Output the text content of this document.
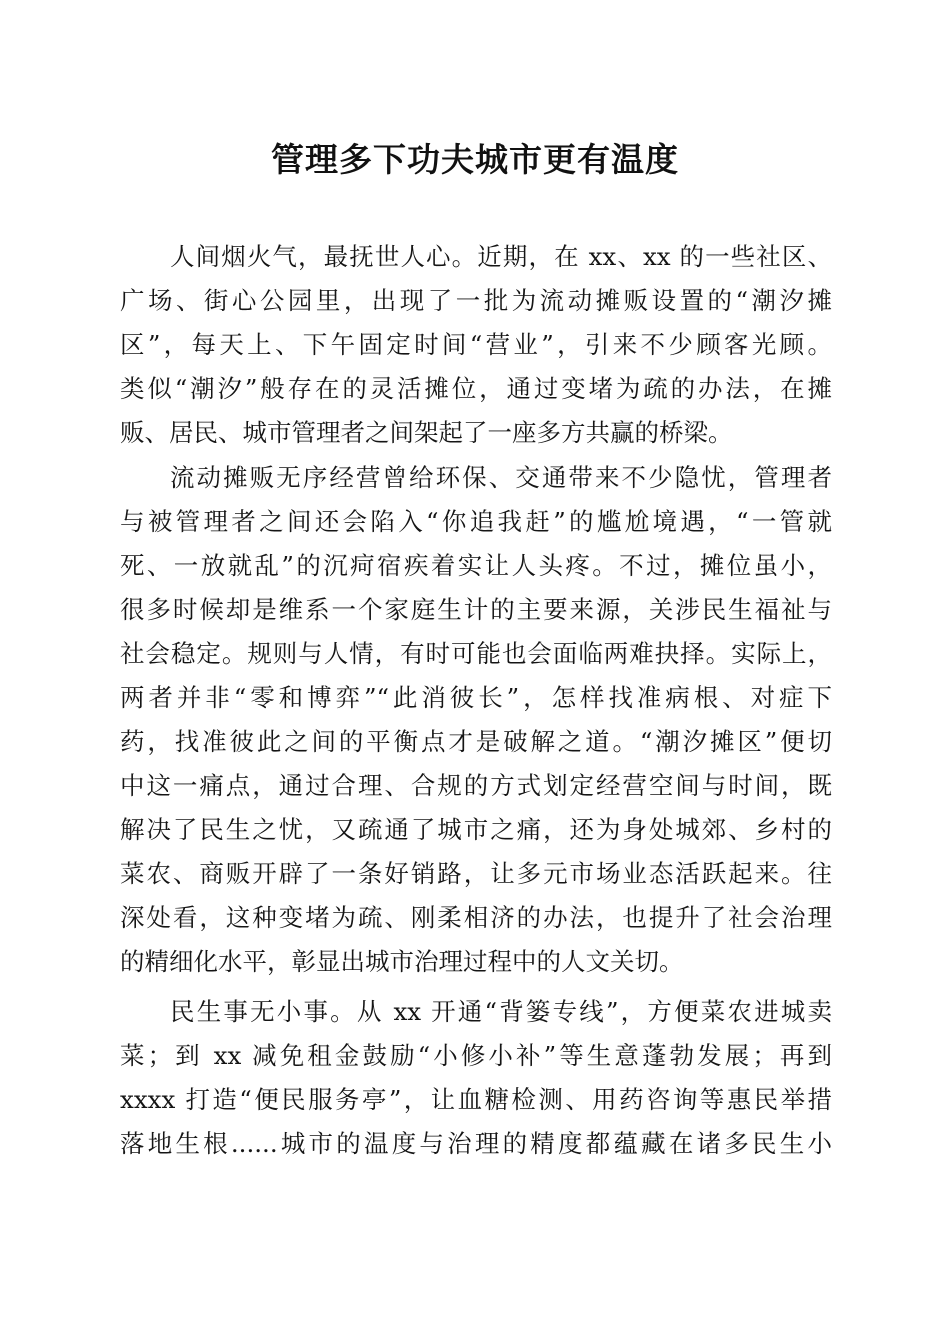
管理多下功夫城市更有温度
人间烟火气，最抚世人心。近期，在 xx、xx 的一些社区、
广场、街心公园里，出现了一批为流动摊贩设置的“潮汐摊
区”，每天上、下午固定时间“营业”，引来不少顾客光顾。
类似“潮汐”般存在的灵活摊位，通过变堵为疏的办法，在摊
贩、居民、城市管理者之间架起了一座多方共赢的桥梁。
流动摊贩无序经营曾给环保、交通带来不少隐忧，管理者
与被管理者之间还会陷入“你追我赶”的尴尬境遇，“一管就
死、一放就乱”的沉疴宿疾着实让人头疼。不过，摊位虽小，
很多时候却是维系一个家庭生计的主要来源，关涉民生福祉与
社会稳定。规则与人情，有时可能也会面临两难抉择。实际上，
两者并非“零和博弈”“此消彼长”，怎样找准病根、对症下
药，找准彼此之间的平衡点才是破解之道。“潮汐摊区”便切
中这一痛点，通过合理、合规的方式划定经营空间与时间，既
解决了民生之忧，又疏通了城市之痛，还为身处城郊、乡村的
菜农、商贩开辟了一条好销路，让多元市场业态活跃起来。往
深处看，这种变堵为疏、刚柔相济的办法，也提升了社会治理
的精细化水平，彰显出城市治理过程中的人文关切。
民生事无小事。从 xx 开通“背篓专线”，方便菜农进城卖
菜；到 xx 减免租金鼓励“小修小补”等生意蓬勃发展；再到
xxxx 打造“便民服务亭”，让血糖检测、用药咨询等惠民举措
落地生根......城市的温度与治理的精度都蕴藏在诸多民生小
